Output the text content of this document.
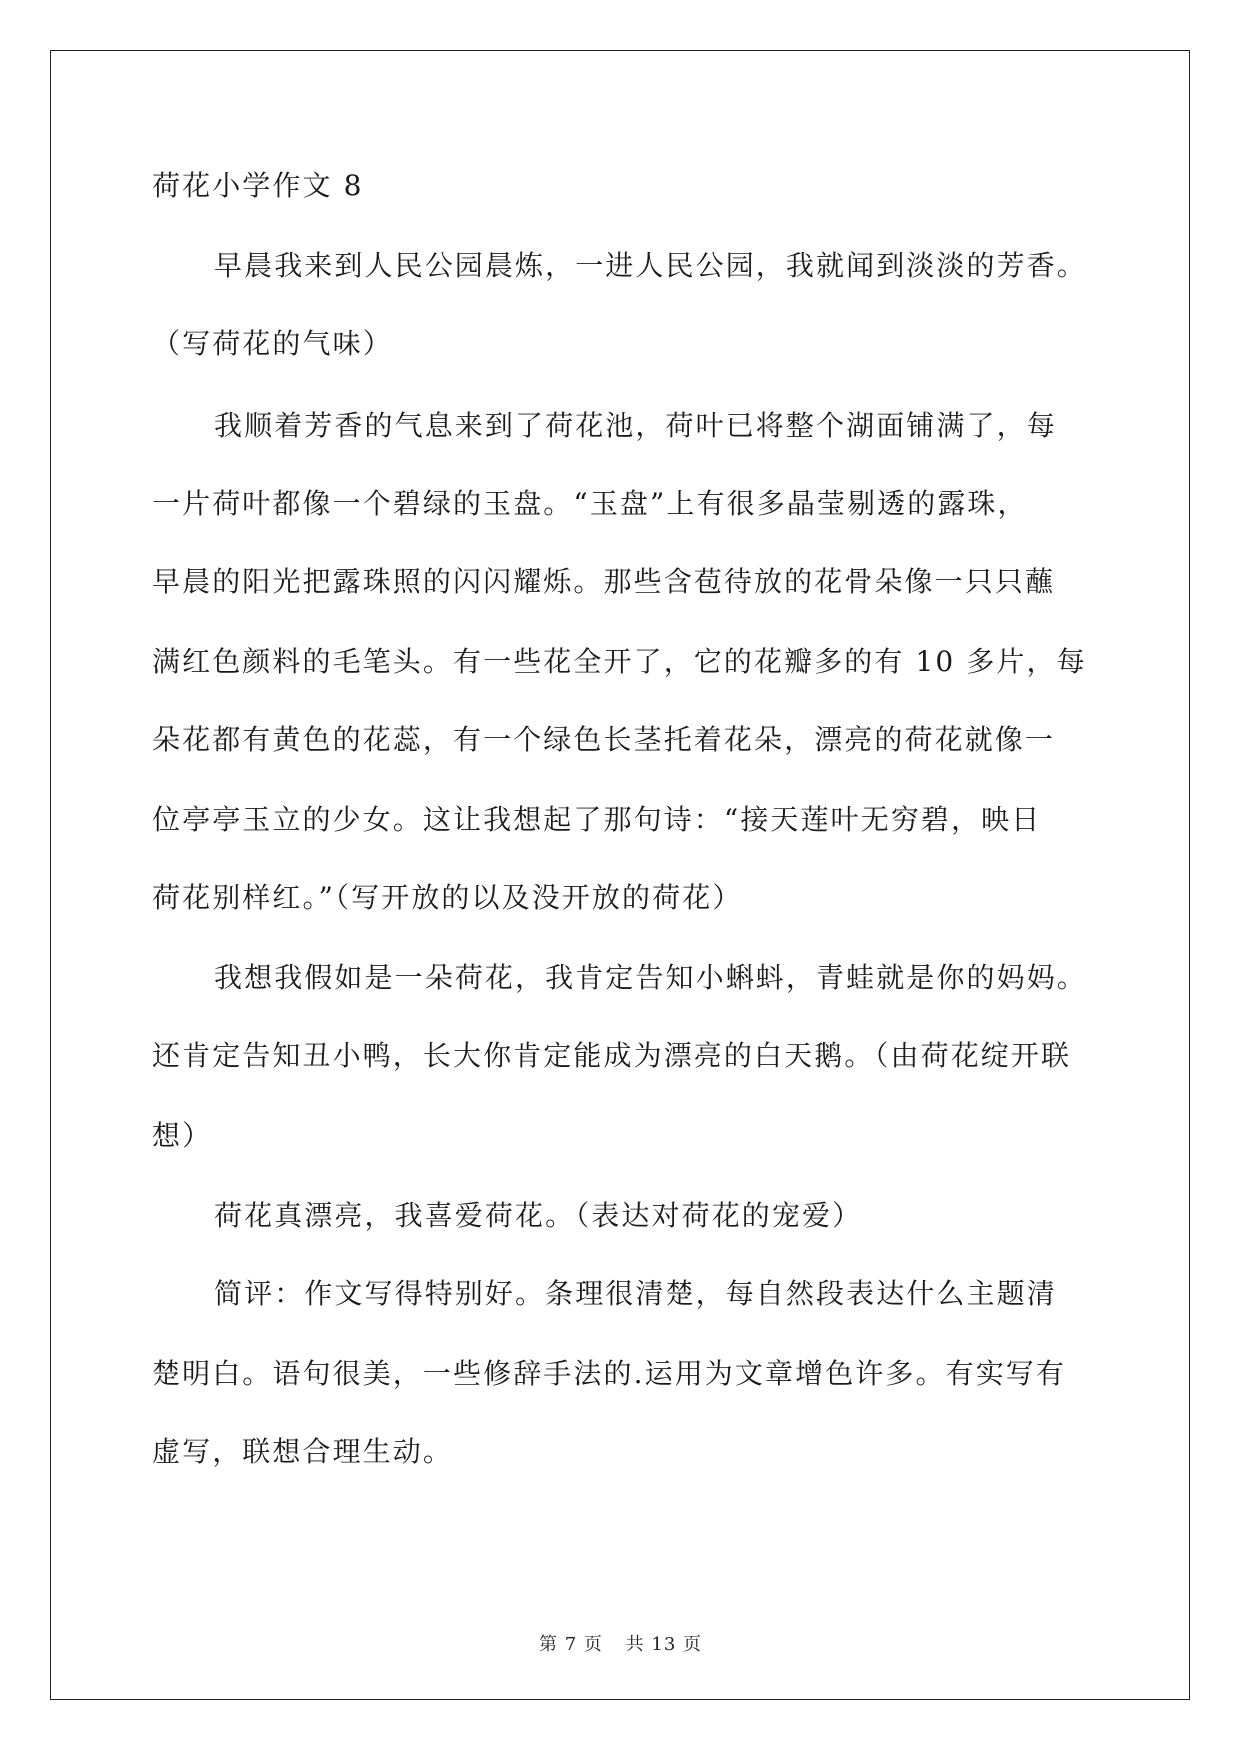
荷花小学作文 8
早晨我来到人民公园晨炼，一进人民公园，我就闻到淡淡的芳香。
（写荷花的气味）
我顺着芳香的气息来到了荷花池，荷叶已将整个湖面铺满了，每
一片荷叶都像一个碧绿的玉盘。“玉盘”上有很多晶莹剔透的露珠，
早晨的阳光把露珠照的闪闪耀烁。那些含苞待放的花骨朵像一只只蘸
满红色颜料的毛笔头。有一些花全开了，它的花瓣多的有 10 多片，每
朵花都有黄色的花蕊，有一个绿色长茎托着花朵，漂亮的荷花就像一
位亭亭玉立的少女。这让我想起了那句诗：“接天莲叶无穷碧，映日
荷花别样红。”（写开放的以及没开放的荷花）
我想我假如是一朵荷花，我肯定告知小蝌蚪，青蛙就是你的妈妈。
还肯定告知丑小鸭，长大你肯定能成为漂亮的白天鹅。（由荷花绽开联
想）
荷花真漂亮，我喜爱荷花。（表达对荷花的宠爱）
简评：作文写得特别好。条理很清楚，每自然段表达什么主题清
楚明白。语句很美，一些修辞手法的.运用为文章增色许多。有实写有
虚写，联想合理生动。
第 7 页 共 13 页
